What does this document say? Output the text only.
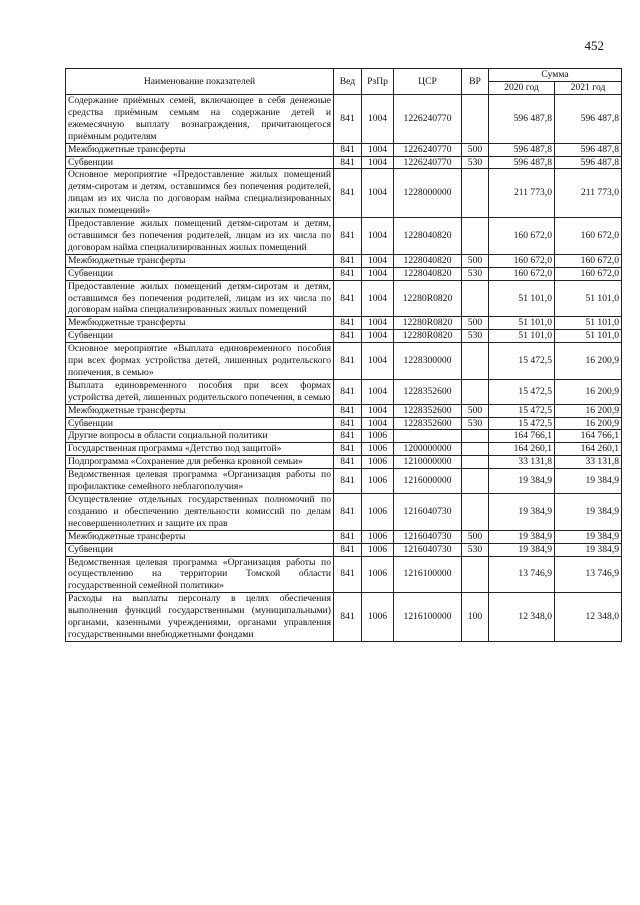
452
Наименование показателей	Вед	РзПр	ЦСР	ВР	Сумма	
					2020 год	2021 год
Содержание приёмных семей, включающее в себя денежные средства приёмным семьям на содержание детей и ежемесячную выплату вознаграждения, причитающегося приёмным родителям	841	1004	1226240770		596 487,8	596 487,8
Межбюджетные трансферты	841	1004	1226240770	500	596 487,8	596 487,8
Субвенции	841	1004	1226240770	530	596 487,8	596 487,8
Основное мероприятие «Предоставление жилых помещений детям-сиротам и детям, оставшимся без попечения родителей, лицам из их числа по договорам найма специализированных жилых помещений»	841	1004	1228000000		211 773,0	211 773,0
Предоставление жилых помещений детям-сиротам и детям, оставшимся без попечения родителей, лицам из их числа по договорам найма специализированных жилых помещений	841	1004	1228040820		160 672,0	160 672,0
Межбюджетные трансферты	841	1004	1228040820	500	160 672,0	160 672,0
Субвенции	841	1004	1228040820	530	160 672,0	160 672,0
Предоставление жилых помещений детям-сиротам и детям, оставшимся без попечения родителей, лицам из их числа по договорам найма специализированных жилых помещений	841	1004	12280R0820		51 101,0	51 101,0
Межбюджетные трансферты	841	1004	12280R0820	500	51 101,0	51 101,0
Субвенции	841	1004	12280R0820	530	51 101,0	51 101,0
Основное мероприятие «Выплата единовременного пособия при всех формах устройства детей, лишенных родительского попечения, в семью»	841	1004	1228300000		15 472,5	16 200,9
Выплата единовременного пособия при всех формах устройства детей, лишенных родительского попечения, в семью	841	1004	1228352600		15 472,5	16 200,9
Межбюджетные трансферты	841	1004	1228352600	500	15 472,5	16 200,9
Субвенции	841	1004	1228352600	530	15 472,5	16 200,9
Другие вопросы в области социальной политики	841	1006			164 766,1	164 766,1
Государственная программа «Детство под защитой»	841	1006	1200000000		164 260,1	164 260,1
Подпрограмма «Сохранение для ребенка кровной семьи»	841	1006	1210000000		33 131,8	33 131,8
Ведомственная целевая программа «Организация работы по профилактике семейного неблагополучия»	841	1006	1216000000		19 384,9	19 384,9
Осуществление отдельных государственных полномочий по созданию и обеспечению деятельности комиссий по делам несовершеннолетних и защите их прав	841	1006	1216040730		19 384,9	19 384,9
Межбюджетные трансферты	841	1006	1216040730	500	19 384,9	19 384,9
Субвенции	841	1006	1216040730	530	19 384,9	19 384,9
Ведомственная целевая программа «Организация работы по осуществлению на территории Томской области государственной семейной политики»	841	1006	1216100000		13 746,9	13 746,9
Расходы на выплаты персоналу в целях обеспечения выполнения функций государственными (муниципальными) органами, казенными учреждениями, органами управления государственными внебюджетными фондами	841	1006	1216100000	100	12 348,0	12 348,0
